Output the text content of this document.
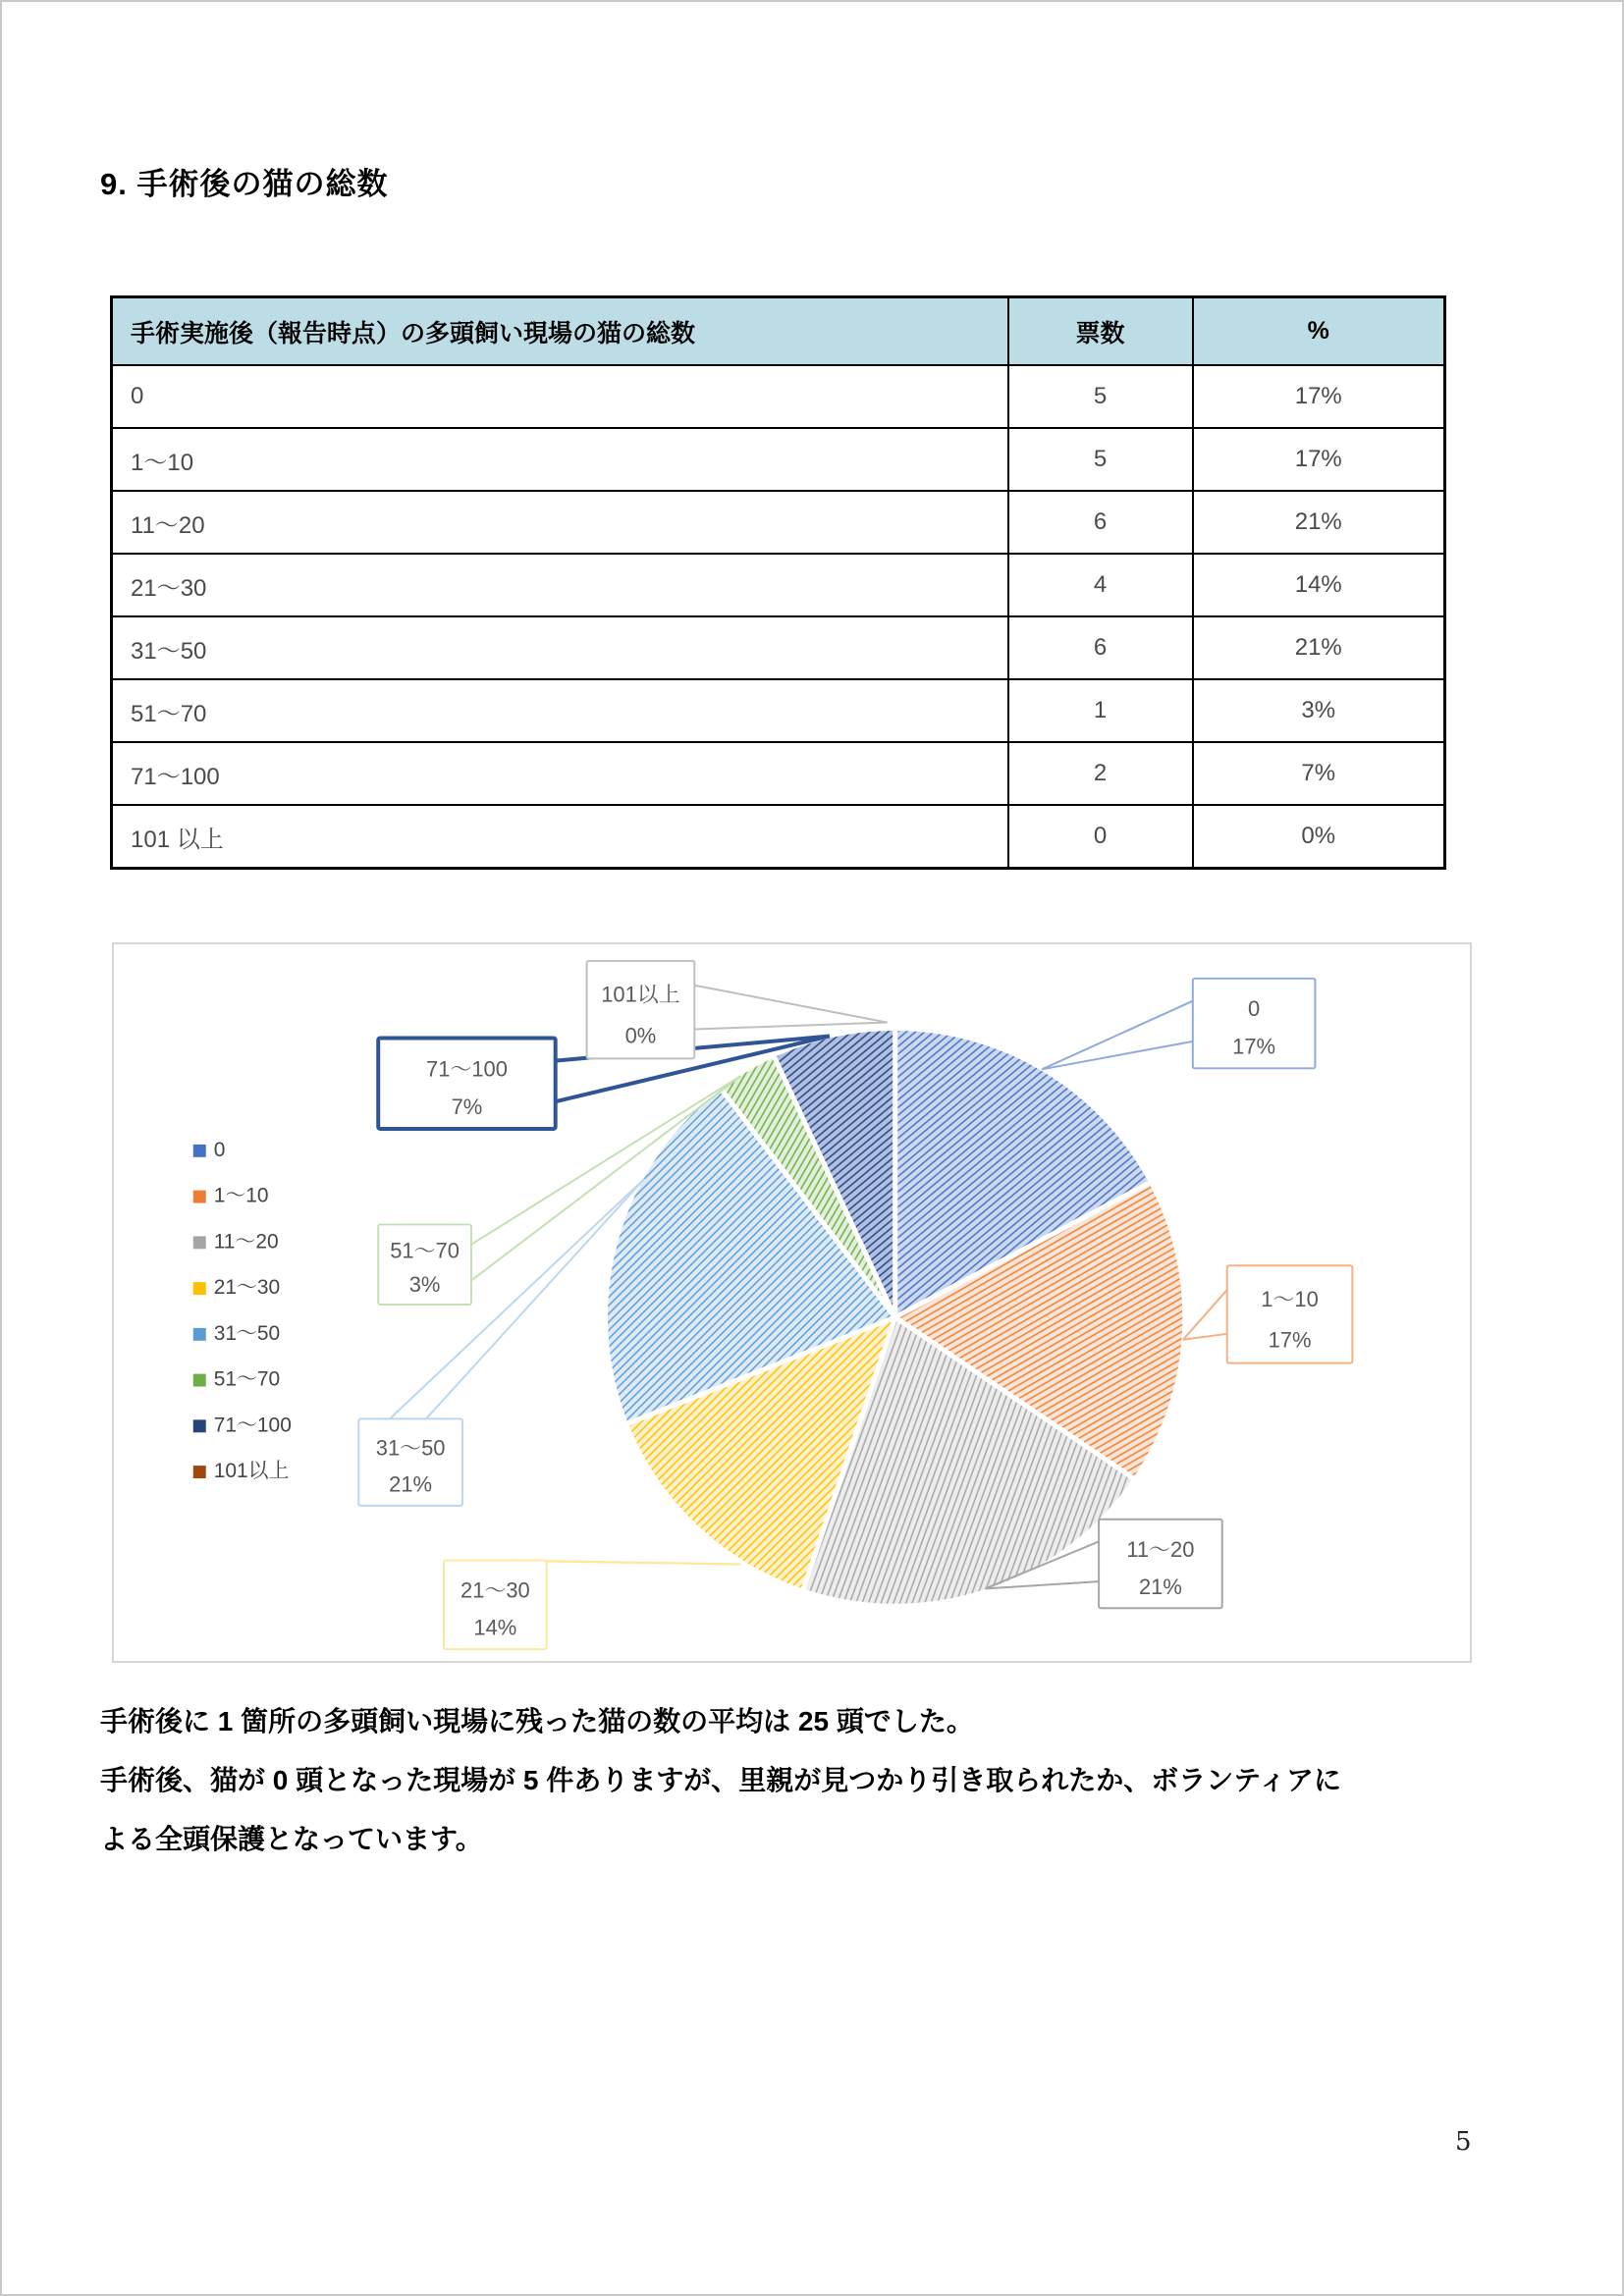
9. 手術後の猫の総数
手術実施後（報告時点）の多頭飼い現場の猫の総数	票数	%
0	5	17%
1〜10	5	17%
11〜20	6	21%
21〜30	4	14%
31〜50	6	21%
51〜70	1	3%
71〜100	2	7%
101 以上	0	0%
0
1〜10
11〜20
21〜30
31〜50
51〜70
71〜100
101以上
0
17%
1〜10
17%
11〜20
21%
21〜30
14%
31〜50
21%
51〜70
3%
71〜100
7%
101以上
0%
手術後に 1 箇所の多頭飼い現場に残った猫の数の平均は 25 頭でした。
手術後、猫が 0 頭となった現場が 5 件ありますが、里親が見つかり引き取られたか、ボランティアに
よる全頭保護となっています。
5
